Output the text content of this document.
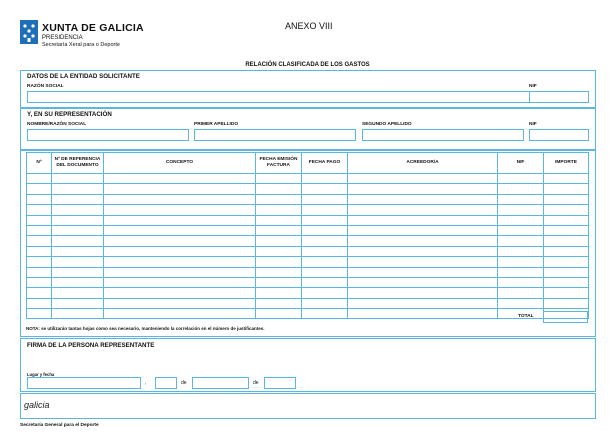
XUNTA DE GALICIA
PRESIDENCIA
Secretaría Xeral para o Deporte
ANEXO VIII
RELACIÓN CLASIFICADA DE LOS GASTOS
DATOS DE LA ENTIDAD SOLICITANTE
RAZÓN SOCIAL	NIF
Y, EN SU REPRESENTACIÓN
NOMBRE/RAZÓN SOCIAL	PRIMER APELLIDO	SEGUNDO APELLIDO	NIF
Nº	Nº DE REFERENCIA DEL DOCUMENTO	CONCEPTO	FECHA EMISIÓN FACTURA	FECHA PAGO	ACREEDOR/A	NIF	IMPORTE

TOTAL
NOTA: se utilizarán tantas hojas como sea necesario, manteniendo la correlación en el número de justificantes.
FIRMA DE LA PERSONA REPRESENTANTE
Lugar y fecha
,	de	de
galicia
Secretaría General para el Deporte
